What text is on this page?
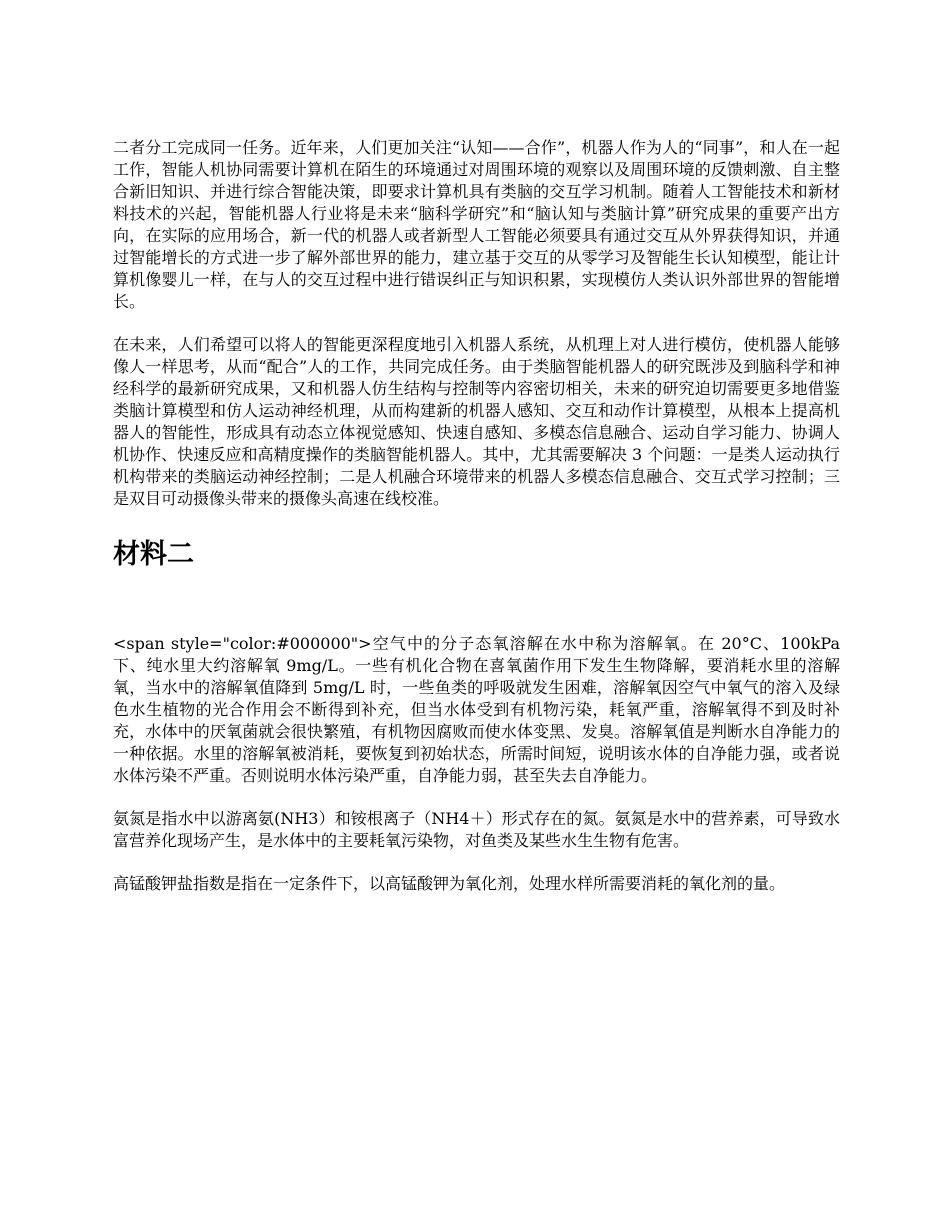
二者分工完成同一任务。近年来，人们更加关注“认知——合作”，机器人作为人的“同事”，和人在一起工作，智能人机协同需要计算机在陌生的环境通过对周围环境的观察以及周围环境的反馈刺激、自主整合新旧知识、并进行综合智能决策，即要求计算机具有类脑的交互学习机制。随着人工智能技术和新材料技术的兴起，智能机器人行业将是未来“脑科学研究”和“脑认知与类脑计算”研究成果的重要产出方向，在实际的应用场合，新一代的机器人或者新型人工智能必须要具有通过交互从外界获得知识，并通过智能增长的方式进一步了解外部世界的能力，建立基于交互的从零学习及智能生长认知模型，能让计算机像婴儿一样，在与人的交互过程中进行错误纠正与知识积累，实现模仿人类认识外部世界的智能增长。

在未来，人们希望可以将人的智能更深程度地引入机器人系统，从机理上对人进行模仿，使机器人能够像人一样思考，从而“配合”人的工作，共同完成任务。由于类脑智能机器人的研究既涉及到脑科学和神经科学的最新研究成果，又和机器人仿生结构与控制等内容密切相关，未来的研究迫切需要更多地借鉴类脑计算模型和仿人运动神经机理，从而构建新的机器人感知、交互和动作计算模型，从根本上提高机器人的智能性，形成具有动态立体视觉感知、快速自感知、多模态信息融合、运动自学习能力、协调人机协作、快速反应和高精度操作的类脑智能机器人。其中，尤其需要解决 3 个问题：一是类人运动执行机构带来的类脑运动神经控制；二是人机融合环境带来的机器人多模态信息融合、交互式学习控制；三是双目可动摄像头带来的摄像头高速在线校准。

材料二

<span style="color:#000000">空气中的分子态氧溶解在水中称为溶解氧。在 20°C、100kPa 下、纯水里大约溶解氧 9mg/L。一些有机化合物在喜氧菌作用下发生生物降解，要消耗水里的溶解氧，当水中的溶解氧值降到 5mg/L 时，一些鱼类的呼吸就发生困难，溶解氧因空气中氧气的溶入及绿色水生植物的光合作用会不断得到补充，但当水体受到有机物污染，耗氧严重，溶解氧得不到及时补充，水体中的厌氧菌就会很快繁殖，有机物因腐败而使水体变黑、发臭。溶解氧值是判断水自净能力的一种依据。水里的溶解氧被消耗，要恢复到初始状态，所需时间短，说明该水体的自净能力强，或者说水体污染不严重。否则说明水体污染严重，自净能力弱，甚至失去自净能力。

氨氮是指水中以游离氨(NH3）和铵根离子（NH4＋）形式存在的氮。氨氮是水中的营养素，可导致水富营养化现场产生，是水体中的主要耗氧污染物，对鱼类及某些水生生物有危害。

高锰酸钾盐指数是指在一定条件下，以高锰酸钾为氧化剂，处理水样所需要消耗的氧化剂的量。
